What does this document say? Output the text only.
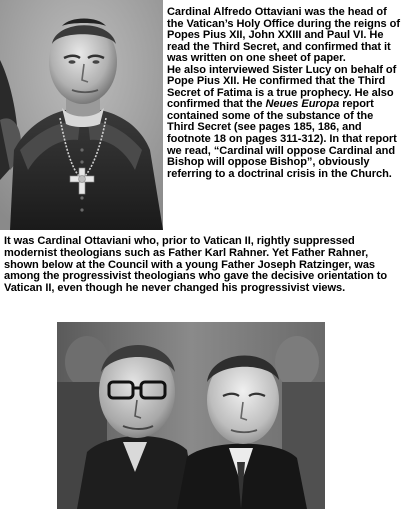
Cardinal Alfredo Ottaviani was the head of the Vatican’s Holy Office during the reigns of Popes Pius XII, John XXIII and Paul VI. He read the Third Secret, and confirmed that it was written on one sheet of paper.

He also interviewed Sister Lucy on behalf of Pope Pius XII. He confirmed that the Third Secret of Fatima is a true prophecy. He also confirmed that the Neues Europa report contained some of the substance of the Third Secret (see pages 185, 186, and footnote 18 on pages 311-312). In that report we read, “Cardinal will oppose Cardinal and Bishop will oppose Bishop”, obviously referring to a doctrinal crisis in the Church.

It was Cardinal Ottaviani who, prior to Vatican II, rightly suppressed modernist theologians such as Father Karl Rahner. Yet Father Rahner, shown below at the Council with a young Father Joseph Ratzinger, was among the progressivist theologians who gave the decisive orientation to Vatican II, even though he never changed his progressivist views.
